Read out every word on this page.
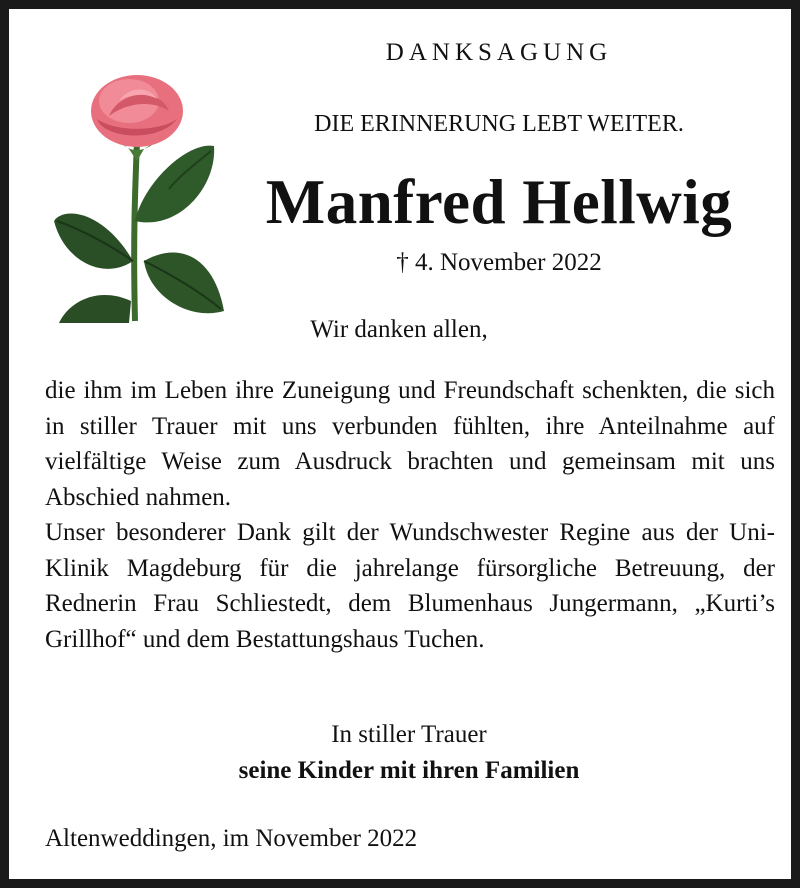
DANKSAGUNG
DIE ERINNERUNG LEBT WEITER.
Manfred Hellwig
† 4. November 2022
Wir danken allen,

die ihm im Leben ihre Zuneigung und Freundschaft schenkten, die sich in stiller Trauer mit uns verbunden fühlten, ihre Anteilnahme auf vielfältige Weise zum Ausdruck brachten und gemeinsam mit uns Abschied nahmen.

Unser besonderer Dank gilt der Wundschwester Regine aus der Uni-Klinik Magdeburg für die jahrelange fürsorgliche Betreuung, der Rednerin Frau Schliestedt, dem Blumenhaus Jungermann, „Kurti’s Grillhof“ und dem Bestattungshaus Tuchen.

In stiller Trauer
seine Kinder mit ihren Familien
Altenweddingen, im November 2022
